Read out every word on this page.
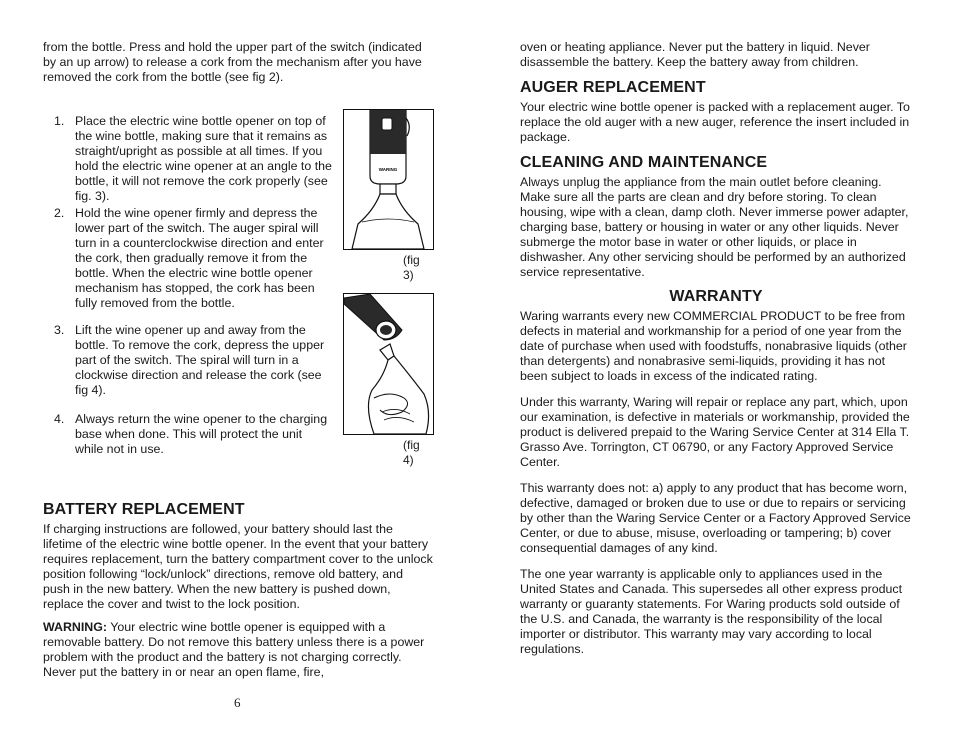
from the bottle. Press and hold the upper part of the switch (indicated by an up arrow) to release a cork from the mechanism after you have removed the cork from the bottle (see fig 2).

1. Place the electric wine bottle opener on top of the wine bottle, making sure that it remains as straight/upright as possible at all times. If you hold the electric wine opener at an angle to the bottle, it will not remove the cork properly (see fig. 3).
2. Hold the wine opener firmly and depress the lower part of the switch. The auger spiral will turn in a counterclockwise direction and enter the cork, then gradually remove it from the bottle. When the electric wine bottle opener mechanism has stopped, the cork has been fully removed from the bottle.
3. Lift the wine opener up and away from the bottle. To remove the cork, depress the upper part of the switch. The spiral will turn in a clockwise direction and release the cork (see fig 4).
4. Always return the wine opener to the charging base when done. This will protect the unit while not in use.
WARING
(fig 3)
(fig 4)
BATTERY REPLACEMENT

If charging instructions are followed, your battery should last the lifetime of the electric wine bottle opener. In the event that your battery requires replacement, turn the battery compartment cover to the unlock position following “lock/unlock” directions, remove old battery, and push in the new battery. When the new battery is pushed down, replace the cover and twist to the lock position.

WARNING: Your electric wine bottle opener is equipped with a removable battery. Do not remove this battery unless there is a power problem with the product and the battery is not charging correctly. Never put the battery in or near an open flame, fire,

6

oven or heating appliance. Never put the battery in liquid. Never disassemble the battery. Keep the battery away from children.

AUGER REPLACEMENT

Your electric wine bottle opener is packed with a replacement auger. To replace the old auger with a new auger, reference the insert included in package.

CLEANING AND MAINTENANCE

Always unplug the appliance from the main outlet before cleaning. Make sure all the parts are clean and dry before storing. To clean housing, wipe with a clean, damp cloth. Never immerse power adapter, charging base, battery or housing in water or any other liquids. Never submerge the motor base in water or other liquids, or place in dishwasher. Any other servicing should be performed by an authorized service representative.

WARRANTY

Waring warrants every new COMMERCIAL PRODUCT to be free from defects in material and workmanship for a period of one year from the date of purchase when used with foodstuffs, nonabrasive liquids (other than detergents) and nonabrasive semi-liquids, providing it has not been subject to loads in excess of the indicated rating.

Under this warranty, Waring will repair or replace any part, which, upon our examination, is defective in materials or workmanship, provided the product is delivered prepaid to the Waring Service Center at 314 Ella T. Grasso Ave. Torrington, CT 06790, or any Factory Approved Service Center.

This warranty does not: a) apply to any product that has become worn, defective, damaged or broken due to use or due to repairs or servicing by other than the Waring Service Center or a Factory Approved Service Center, or due to abuse, misuse, overloading or tampering; b) cover consequential damages of any kind.

The one year warranty is applicable only to appliances used in the United States and Canada. This supersedes all other express product warranty or guaranty statements. For Waring products sold outside of the U.S. and Canada, the warranty is the responsibility of the local importer or distributor. This warranty may vary according to local regulations.
